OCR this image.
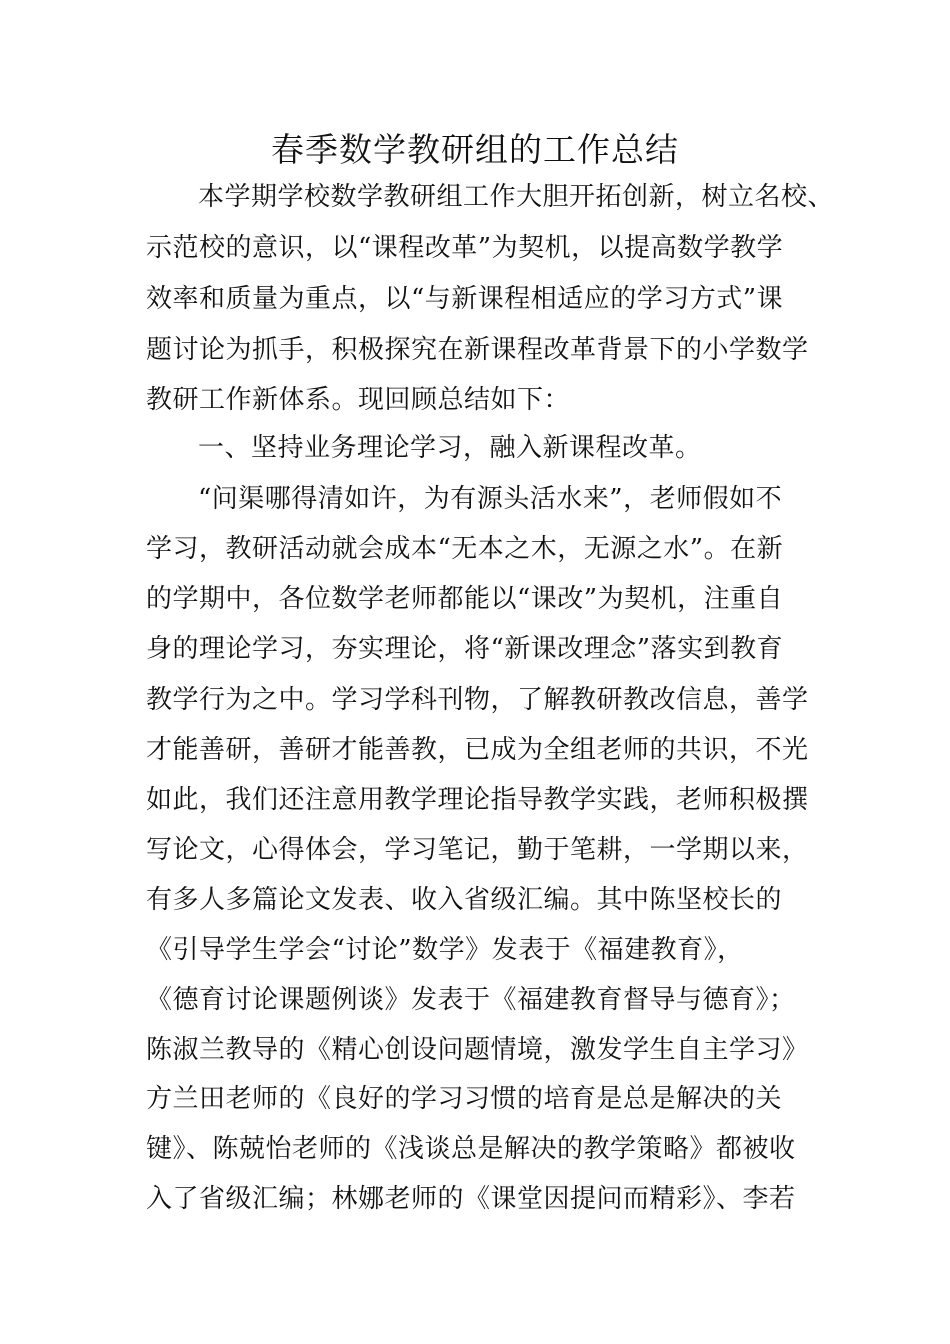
春季数学教研组的工作总结

本学期学校数学教研组工作大胆开拓创新，树立名校、

示范校的意识，以“课程改革”为契机，以提高数学教学

效率和质量为重点，以“与新课程相适应的学习方式”课

题讨论为抓手，积极探究在新课程改革背景下的小学数学

教研工作新体系。现回顾总结如下：

一、坚持业务理论学习，融入新课程改革。

“问渠哪得清如许，为有源头活水来”，老师假如不

学习，教研活动就会成本“无本之木，无源之水”。在新

的学期中，各位数学老师都能以“课改”为契机，注重自

身的理论学习，夯实理论，将“新课改理念”落实到教育

教学行为之中。学习学科刊物，了解教研教改信息，善学

才能善研，善研才能善教，已成为全组老师的共识，不光

如此，我们还注意用教学理论指导教学实践，老师积极撰

写论文，心得体会，学习笔记，勤于笔耕，一学期以来，

有多人多篇论文发表、收入省级汇编。其中陈坚校长的

《引导学生学会“讨论”数学》发表于《福建教育》，

《德育讨论课题例谈》发表于《福建教育督导与德育》；

陈淑兰教导的《精心创设问题情境，激发学生自主学习》

方兰田老师的《良好的学习习惯的培育是总是解决的关

键》、陈兢怡老师的《浅谈总是解决的教学策略》都被收

入了省级汇编；林娜老师的《课堂因提问而精彩》、李若
